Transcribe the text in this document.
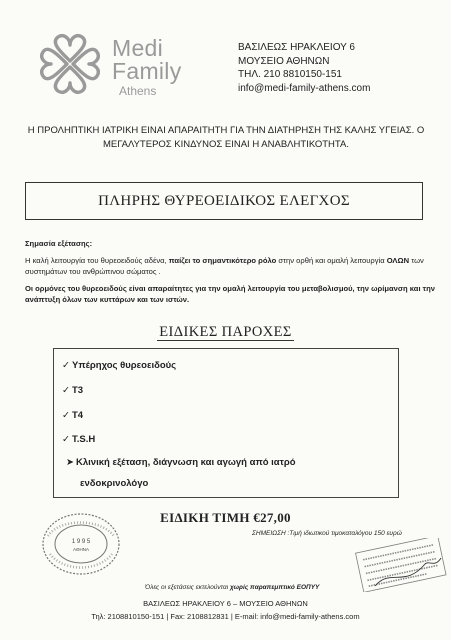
Medi
Family
Athens
ΒΑΣΙΛΕΩΣ ΗΡΑΚΛΕΙΟΥ 6
ΜΟΥΣΕΙΟ ΑΘΗΝΩΝ
ΤΗΛ. 210 8810150-151
info@medi-family-athens.com
Η ΠΡΟΛΗΠΤΙΚΗ ΙΑΤΡΙΚΗ ΕΙΝΑΙ ΑΠΑΡΑΙΤΗΤΗ ΓΙΑ ΤΗΝ ΔΙΑΤΗΡΗΣΗ ΤΗΣ ΚΑΛΗΣ ΥΓΕΙΑΣ. Ο ΜΕΓΑΛΥΤΕΡΟΣ ΚΙΝΔΥΝΟΣ ΕΙΝΑΙ Η ΑΝΑΒΛΗΤΙΚΟΤΗΤΑ.
ΠΛΗΡΗΣ ΘΥΡΕΟΕΙΔΙΚΟΣ ΕΛΕΓΧΟΣ

Σημασία εξέτασης:

Η καλή λειτουργία του θυρεοειδούς αδένα, παίζει το σημαντικότερο ρόλο στην ορθή και ομαλή λειτουργία ΟΛΩΝ των συστημάτων του ανθρώπινου σώματος .

Οι ορμόνες του θυρεοειδούς είναι απαραίτητες για την ομαλή λειτουργία του μεταβολισμού, την ωρίμανση και την ανάπτυξη όλων των κυττάρων και των ιστών.

ΕΙΔΙΚΕΣ ΠΑΡΟΧΕΣ
✓ Υπέρηχος θυρεοειδούς
✓ Τ3
✓ Τ4
✓ T.S.H
➤ Κλινική εξέταση, διάγνωση και αγωγή από ιατρό
ενδοκρινολόγο
ΕΙΔΙΚΗ ΤΙΜΗ €27,00
ΣΗΜΕΙΩΣΗ :Τιμή ιδιωτικού τιμοκαταλόγου 150 ευρώ
1 9 9 5
ΑΘΗΝΑ
Όλες οι εξετάσεις εκτελούνται χωρίς παραπεμπτικό ΕΟΠΥΥ
ΒΑΣΙΛΕΩΣ ΗΡΑΚΛΕΙΟΥ 6 – ΜΟΥΣΕΙΟ ΑΘΗΝΩΝ
Τηλ: 2108810150-151 | Fax: 2108812831 | E-mail: info@medi-family-athens.com
